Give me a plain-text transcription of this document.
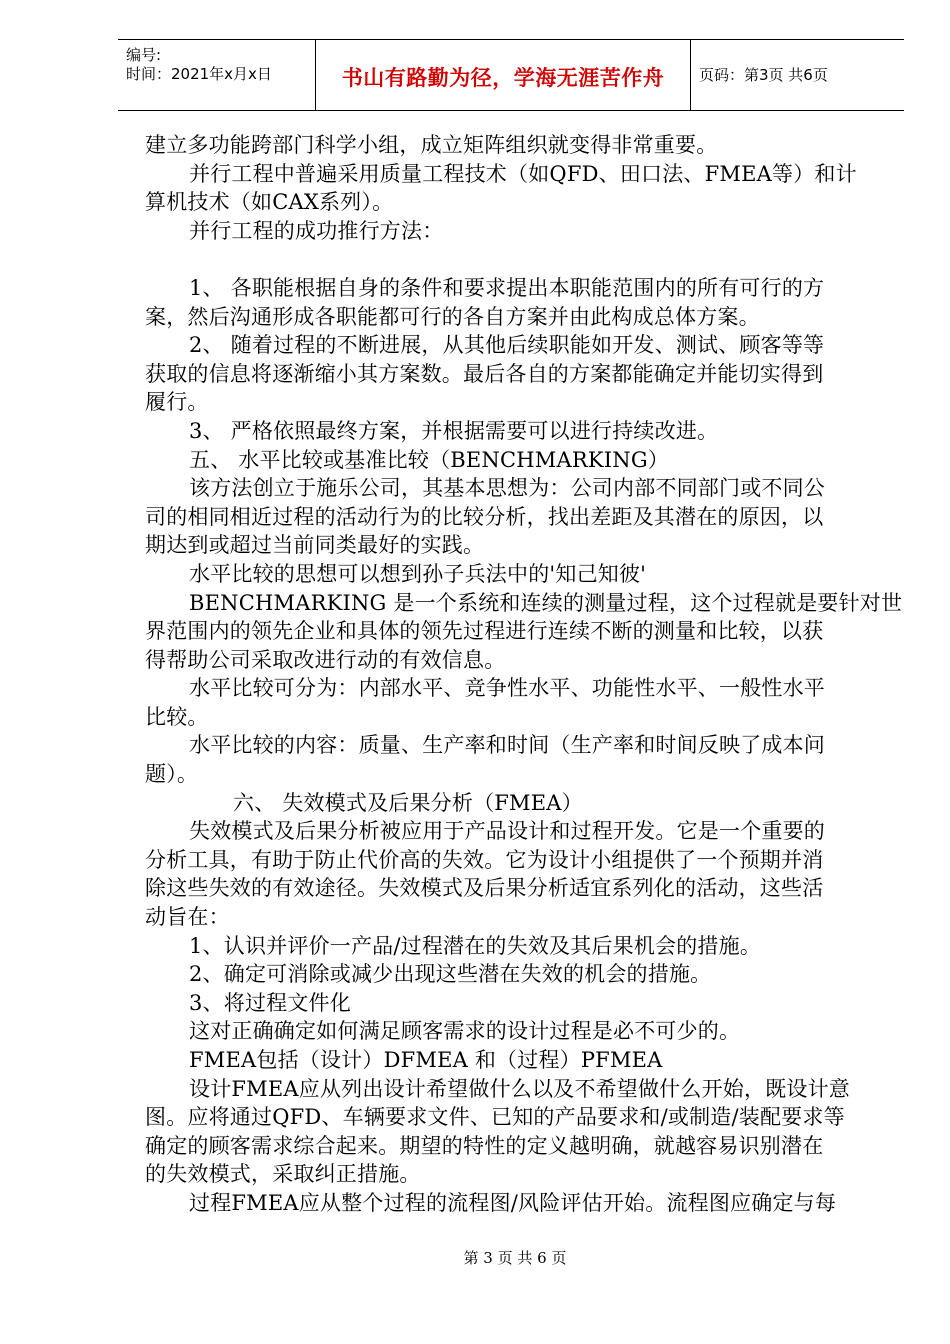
编号:
时间：2021年x月x日	书山有路勤为径，学海无涯苦作舟	页码：第3页 共6页
建立多功能跨部门科学小组，成立矩阵组织就变得非常重要。
并行工程中普遍采用质量工程技术（如QFD、田口法、FMEA等）和计
算机技术（如CAX系列）。
并行工程的成功推行方法：
1、 各职能根据自身的条件和要求提出本职能范围内的所有可行的方
案，然后沟通形成各职能都可行的各自方案并由此构成总体方案。
2、 随着过程的不断进展，从其他后续职能如开发、测试、顾客等等
获取的信息将逐渐缩小其方案数。最后各自的方案都能确定并能切实得到
履行。
3、 严格依照最终方案，并根据需要可以进行持续改进。
五、 水平比较或基准比较（BENCHMARKING）
该方法创立于施乐公司，其基本思想为：公司内部不同部门或不同公
司的相同相近过程的活动行为的比较分析，找出差距及其潜在的原因，以
期达到或超过当前同类最好的实践。
水平比较的思想可以想到孙子兵法中的'知己知彼'
BENCHMARKING 是一个系统和连续的测量过程，这个过程就是要针对世
界范围内的领先企业和具体的领先过程进行连续不断的测量和比较，以获
得帮助公司采取改进行动的有效信息。
水平比较可分为：内部水平、竞争性水平、功能性水平、一般性水平
比较。
水平比较的内容：质量、生产率和时间（生产率和时间反映了成本问
题）。
六、 失效模式及后果分析（FMEA）
失效模式及后果分析被应用于产品设计和过程开发。它是一个重要的
分析工具，有助于防止代价高的失效。它为设计小组提供了一个预期并消
除这些失效的有效途径。失效模式及后果分析适宜系列化的活动，这些活
动旨在：
1、认识并评价一产品/过程潜在的失效及其后果机会的措施。
2、确定可消除或减少出现这些潜在失效的机会的措施。
3、将过程文件化
这对正确确定如何满足顾客需求的设计过程是必不可少的。
FMEA包括（设计）DFMEA 和（过程）PFMEA
设计FMEA应从列出设计希望做什么以及不希望做什么开始，既设计意
图。应将通过QFD、车辆要求文件、已知的产品要求和/或制造/装配要求等
确定的顾客需求综合起来。期望的特性的定义越明确，就越容易识别潜在
的失效模式，采取纠正措施。
过程FMEA应从整个过程的流程图/风险评估开始。流程图应确定与每
第 3 页 共 6 页
